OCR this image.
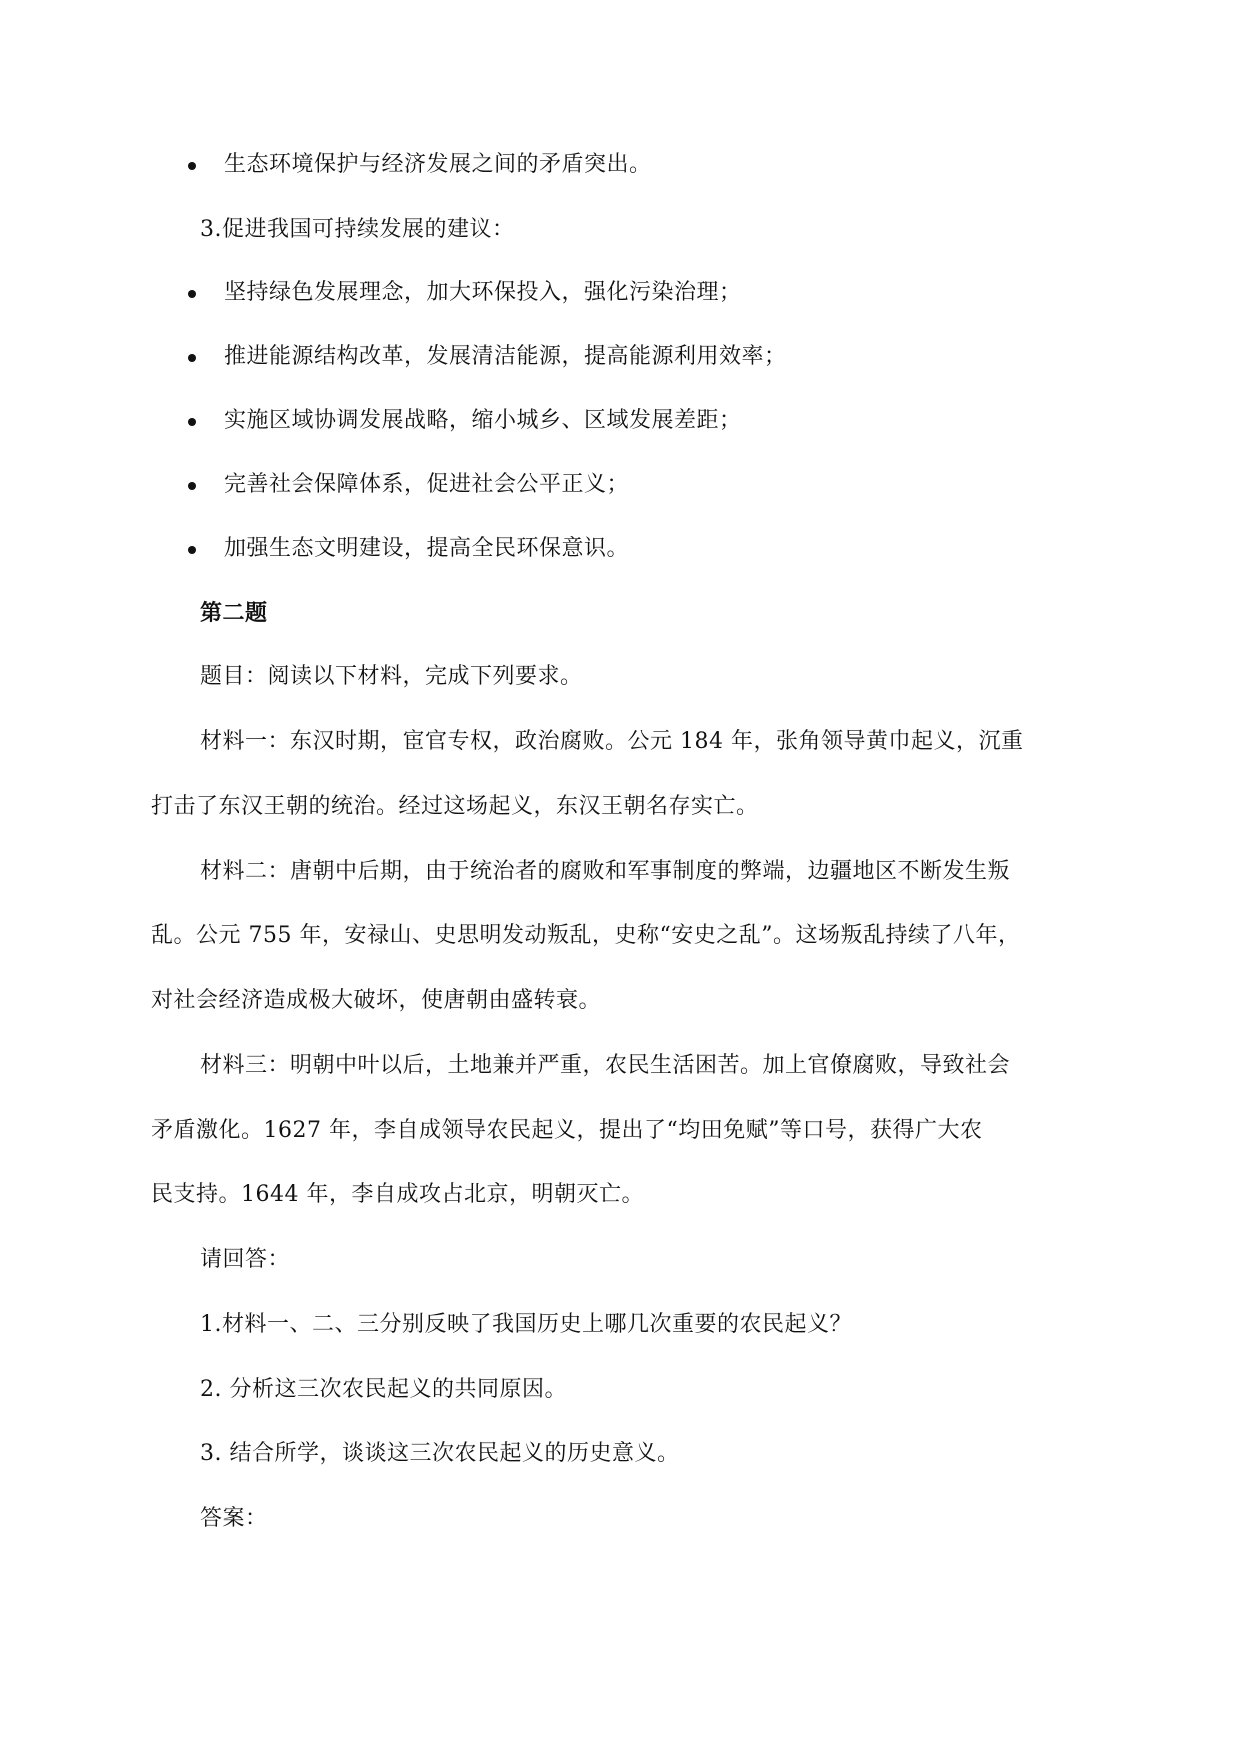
生态环境保护与经济发展之间的矛盾突出。
3.促进我国可持续发展的建议：
坚持绿色发展理念，加大环保投入，强化污染治理；
推进能源结构改革，发展清洁能源，提高能源利用效率；
实施区域协调发展战略，缩小城乡、区域发展差距；
完善社会保障体系，促进社会公平正义；
加强生态文明建设，提高全民环保意识。
第二题
题目：阅读以下材料，完成下列要求。
材料一：东汉时期，宦官专权，政治腐败。公元 184 年，张角领导黄巾起义，沉重
打击了东汉王朝的统治。经过这场起义，东汉王朝名存实亡。
材料二：唐朝中后期，由于统治者的腐败和军事制度的弊端，边疆地区不断发生叛
乱。公元 755 年，安禄山、史思明发动叛乱，史称“安史之乱”。这场叛乱持续了八年，
对社会经济造成极大破坏，使唐朝由盛转衰。
材料三：明朝中叶以后，土地兼并严重，农民生活困苦。加上官僚腐败，导致社会
矛盾激化。1627 年，李自成领导农民起义，提出了“均田免赋”等口号，获得广大农
民支持。1644 年，李自成攻占北京，明朝灭亡。
请回答：
1.材料一、二、三分别反映了我国历史上哪几次重要的农民起义？
2. 分析这三次农民起义的共同原因。
3. 结合所学，谈谈这三次农民起义的历史意义。
答案：
